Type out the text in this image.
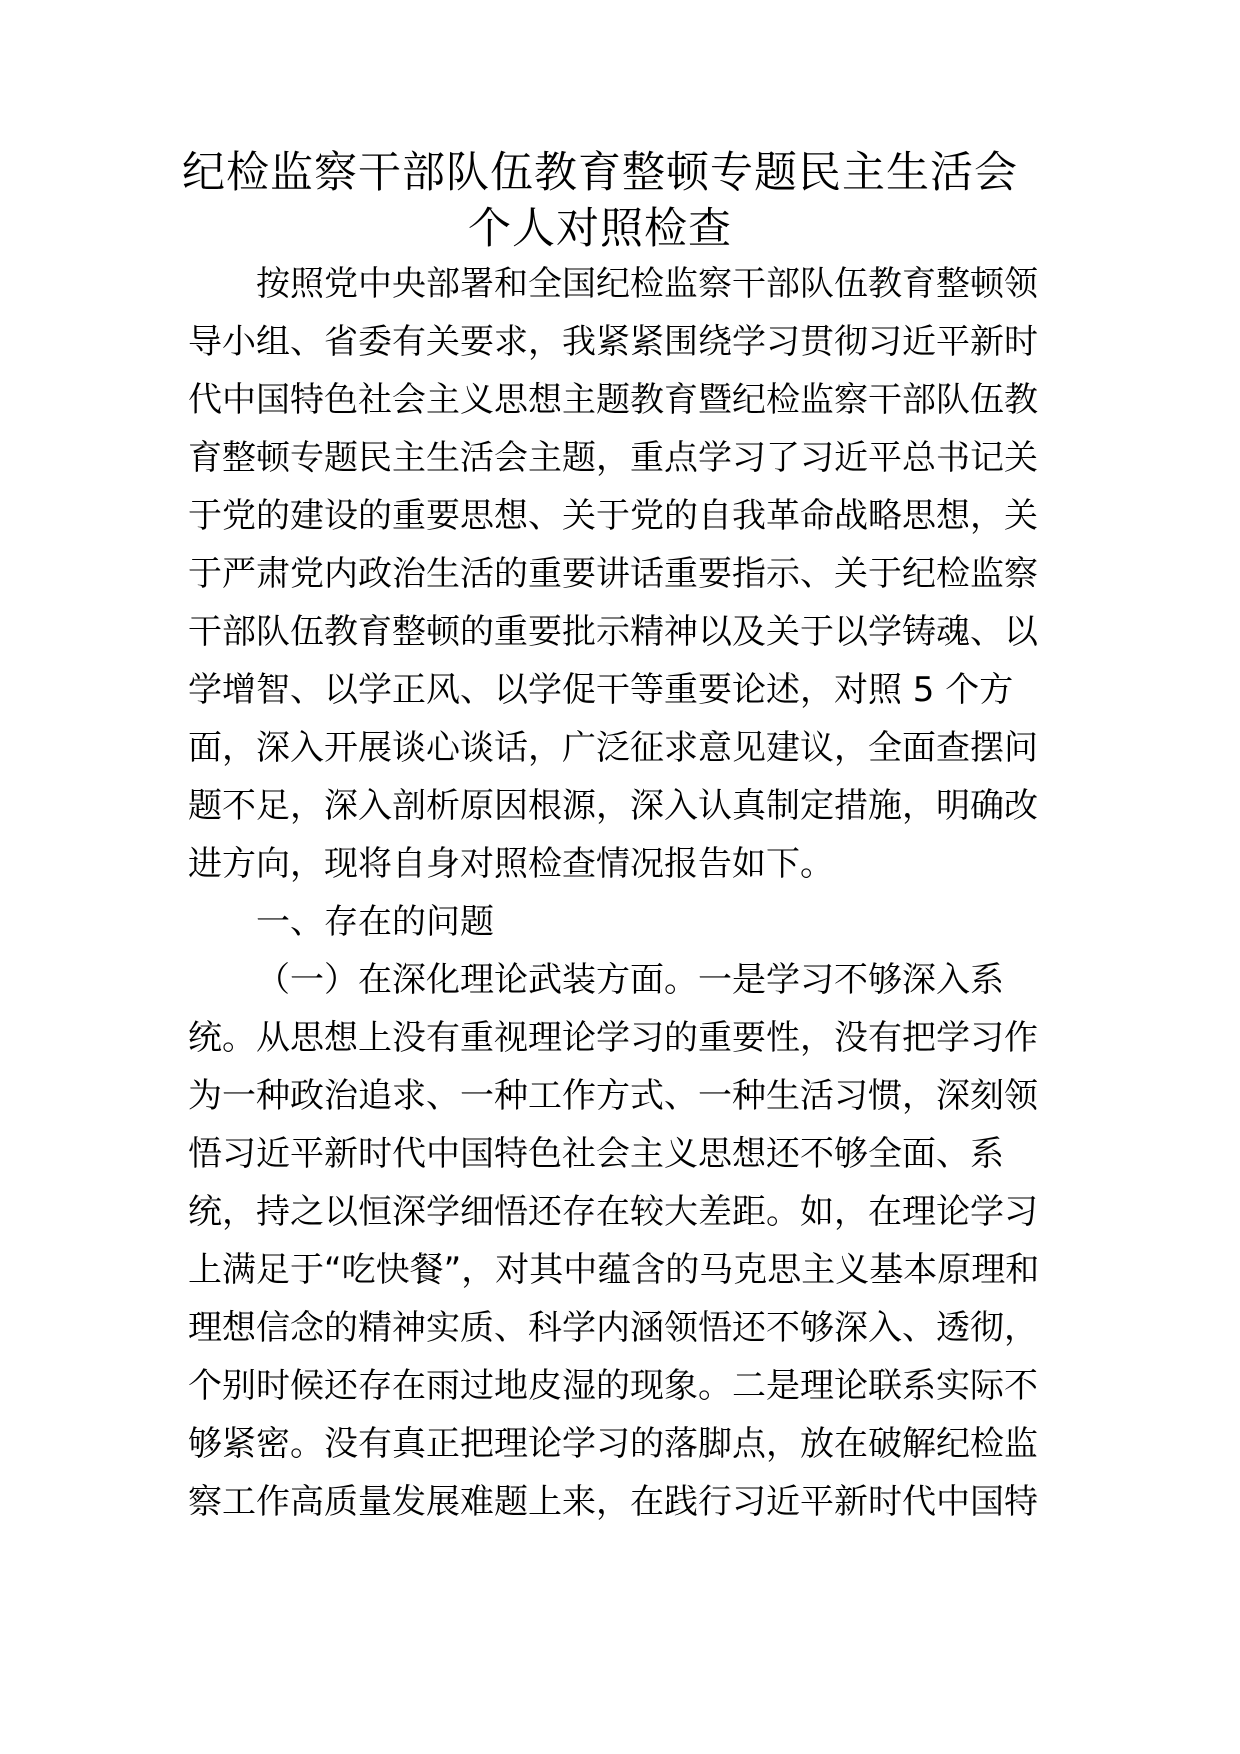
纪检监察干部队伍教育整顿专题民主生活会
个人对照检查
按照党中央部署和全国纪检监察干部队伍教育整顿领
导小组、省委有关要求，我紧紧围绕学习贯彻习近平新时
代中国特色社会主义思想主题教育暨纪检监察干部队伍教
育整顿专题民主生活会主题，重点学习了习近平总书记关
于党的建设的重要思想、关于党的自我革命战略思想，关
于严肃党内政治生活的重要讲话重要指示、关于纪检监察
干部队伍教育整顿的重要批示精神以及关于以学铸魂、以
学增智、以学正风、以学促干等重要论述，对照 5 个方
面，深入开展谈心谈话，广泛征求意见建议，全面查摆问
题不足，深入剖析原因根源，深入认真制定措施，明确改
进方向，现将自身对照检查情况报告如下。
一、存在的问题
（一）在深化理论武装方面。一是学习不够深入系
统。从思想上没有重视理论学习的重要性，没有把学习作
为一种政治追求、一种工作方式、一种生活习惯，深刻领
悟习近平新时代中国特色社会主义思想还不够全面、系
统，持之以恒深学细悟还存在较大差距。如，在理论学习
上满足于“吃快餐”，对其中蕴含的马克思主义基本原理和
理想信念的精神实质、科学内涵领悟还不够深入、透彻，
个别时候还存在雨过地皮湿的现象。二是理论联系实际不
够紧密。没有真正把理论学习的落脚点，放在破解纪检监
察工作高质量发展难题上来，在践行习近平新时代中国特
